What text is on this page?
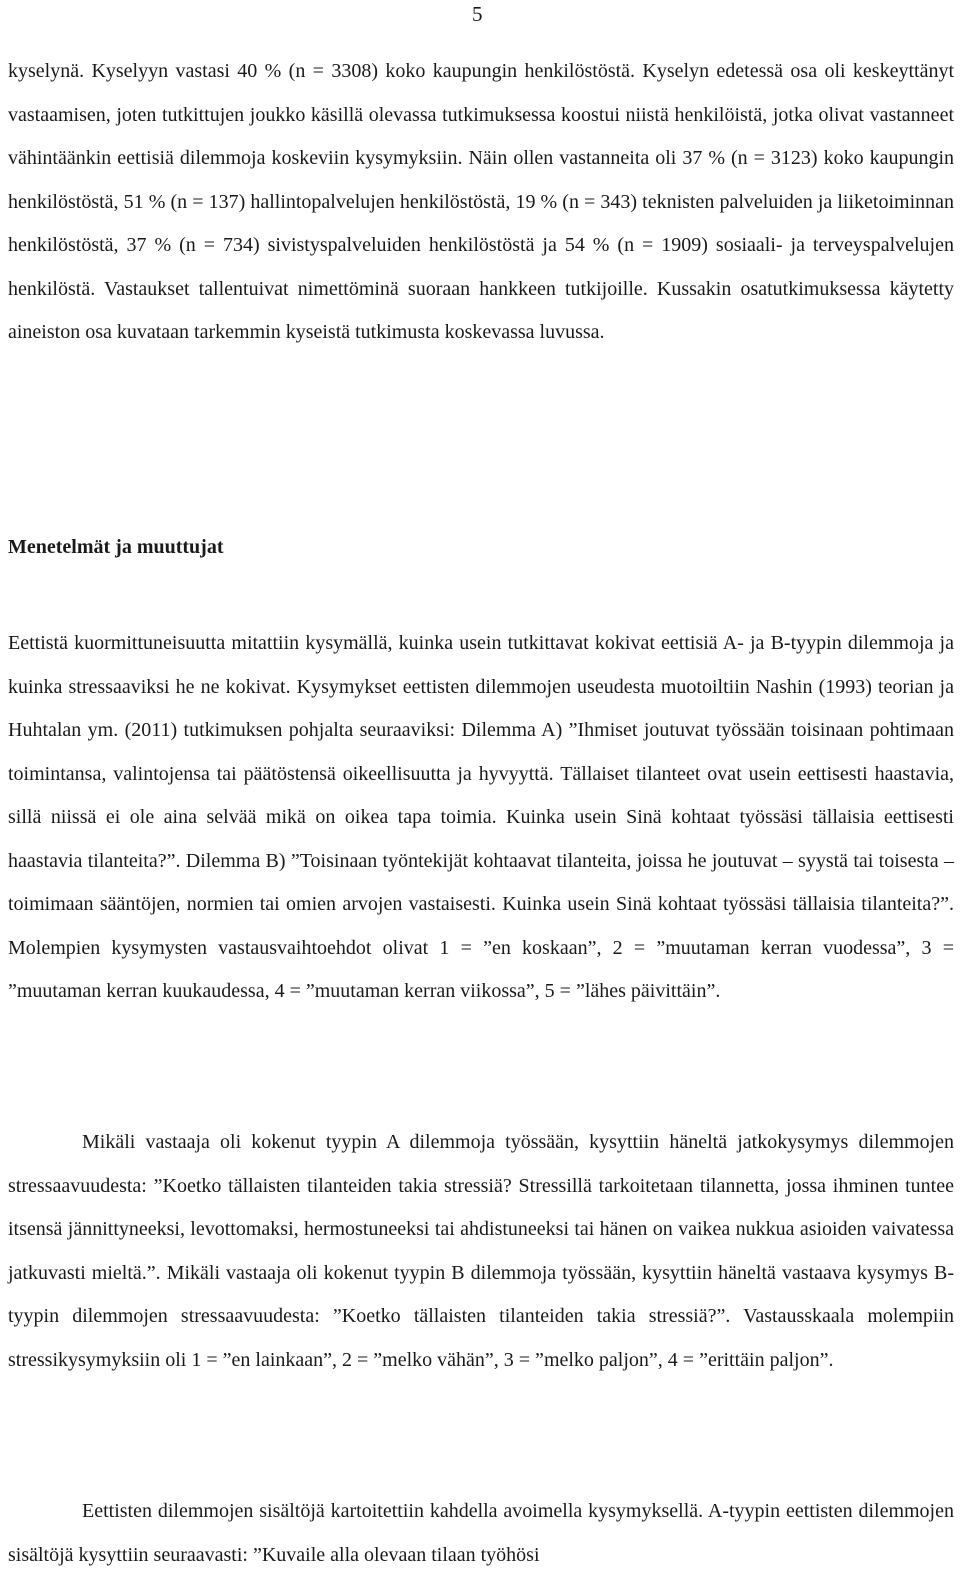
5

kyselynä. Kyselyyn vastasi 40 % (n = 3308) koko kaupungin henkilöstöstä. Kyselyn edetessä osa oli keskeyttänyt vastaamisen, joten tutkittujen joukko käsillä olevassa tutkimuksessa koostui niistä henkilöistä, jotka olivat vastanneet vähintäänkin eettisiä dilemmoja koskeviin kysymyksiin. Näin ollen vastanneita oli 37 % (n = 3123) koko kaupungin henkilöstöstä, 51 % (n = 137) hallintopalvelujen henkilöstöstä, 19 % (n = 343) teknisten palveluiden ja liiketoiminnan henkilöstöstä, 37 % (n = 734) sivistyspalveluiden henkilöstöstä ja 54 % (n = 1909) sosiaali- ja terveyspalvelujen henkilöstä. Vastaukset tallentuivat nimettöminä suoraan hankkeen tutkijoille. Kussakin osatutkimuksessa käytetty aineiston osa kuvataan tarkemmin kyseistä tutkimusta koskevassa luvussa.

Menetelmät ja muuttujat

Eettistä kuormittuneisuutta mitattiin kysymällä, kuinka usein tutkittavat kokivat eettisiä A- ja B-tyypin dilemmoja ja kuinka stressaaviksi he ne kokivat. Kysymykset eettisten dilemmojen useudesta muotoiltiin Nashin (1993) teorian ja Huhtalan ym. (2011) tutkimuksen pohjalta seuraaviksi: Dilemma A) ”Ihmiset joutuvat työssään toisinaan pohtimaan toimintansa, valintojensa tai päätöstensä oikeellisuutta ja hyvyyttä. Tällaiset tilanteet ovat usein eettisesti haastavia, sillä niissä ei ole aina selvää mikä on oikea tapa toimia. Kuinka usein Sinä kohtaat työssäsi tällaisia eettisesti haastavia tilanteita?”. Dilemma B) ”Toisinaan työntekijät kohtaavat tilanteita, joissa he joutuvat – syystä tai toisesta – toimimaan sääntöjen, normien tai omien arvojen vastaisesti. Kuinka usein Sinä kohtaat työssäsi tällaisia tilanteita?”. Molempien kysymysten vastausvaihtoehdot olivat 1 = ”en koskaan”, 2 = ”muutaman kerran vuodessa”, 3 = ”muutaman kerran kuukaudessa, 4 = ”muutaman kerran viikossa”, 5 = ”lähes päivittäin”.

Mikäli vastaaja oli kokenut tyypin A dilemmoja työssään, kysyttiin häneltä jatkokysymys dilemmojen stressaavuudesta: ”Koetko tällaisten tilanteiden takia stressiä? Stressillä tarkoitetaan tilannetta, jossa ihminen tuntee itsensä jännittyneeksi, levottomaksi, hermostuneeksi tai ahdistuneeksi tai hänen on vaikea nukkua asioiden vaivatessa jatkuvasti mieltä.”. Mikäli vastaaja oli kokenut tyypin B dilemmoja työssään, kysyttiin häneltä vastaava kysymys B-tyypin dilemmojen stressaavuudesta: ”Koetko tällaisten tilanteiden takia stressiä?”. Vastausskaala molempiin stressikysymyksiin oli 1 = ”en lainkaan”, 2 = ”melko vähän”, 3 = ”melko paljon”, 4 = ”erittäin paljon”.

Eettisten dilemmojen sisältöjä kartoitettiin kahdella avoimella kysymyksellä. A-tyypin eettisten dilemmojen sisältöjä kysyttiin seuraavasti: ”Kuvaile alla olevaan tilaan työhösi
